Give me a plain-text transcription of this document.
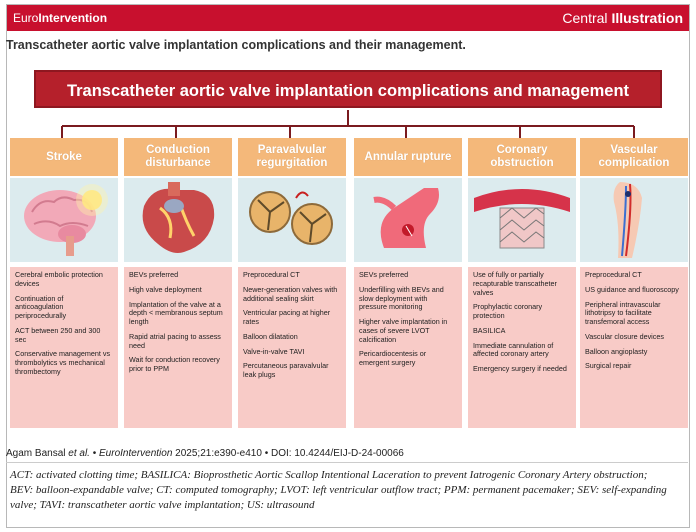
EuroIntervention	Central Illustration
Transcatheter aortic valve implantation complications and their management.
Transcatheter aortic valve implantation complications and management
Stroke
Cerebral embolic protection devices
Continuation of anticoagulation periprocedurally
ACT between 250 and 300 sec
Conservative management vs thrombolytics vs mechanical thrombectomy
Conduction disturbance
BEVs preferred
High valve deployment
Implantation of the valve at a depth < membranous septum length
Rapid atrial pacing to assess need
Wait for conduction recovery prior to PPM
Paravalvular regurgitation
Preprocedural CT
Newer-generation valves with additional sealing skirt
Ventricular pacing at higher rates
Balloon dilatation
Valve-in-valve TAVI
Percutaneous paravalvular leak plugs
Annular rupture
SEVs preferred
Underfilling with BEVs and slow deployment with pressure monitoring
Higher valve implantation in cases of severe LVOT calcification
Pericardiocentesis or emergent surgery
Coronary obstruction
Use of fully or partially recapturable transcatheter valves
Prophylactic coronary protection
BASILICA
Immediate cannulation of affected coronary artery
Emergency surgery if needed
Vascular complication
Preprocedural CT
US guidance and fluoroscopy
Peripheral intravascular lithotripsy to facilitate transfemoral access
Vascular closure devices
Balloon angioplasty
Surgical repair
Agam Bansal et al. • EuroIntervention 2025;21:e390-e410 • DOI: 10.4244/EIJ-D-24-00066
ACT: activated clotting time; BASILICA: Bioprosthetic Aortic Scallop Intentional Laceration to prevent Iatrogenic Coronary Artery obstruction; BEV: balloon-expandable valve; CT: computed tomography; LVOT: left ventricular outflow tract; PPM: permanent pacemaker; SEV: self-expanding valve; TAVI: transcatheter aortic valve implantation; US: ultrasound
